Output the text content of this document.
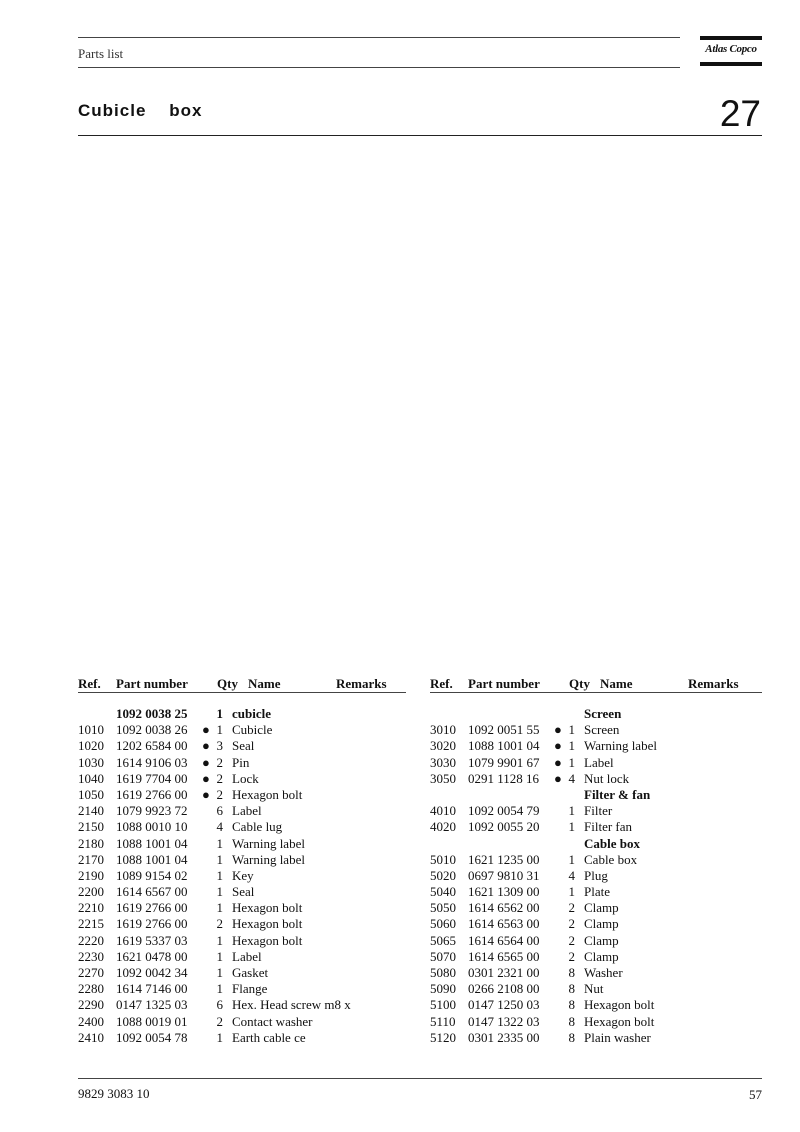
Parts list	Atlas Copco
Cubicle    box	27
Ref. Part number Qty Name	Remarks
1092 0038 25 1 cubicle
1010 1092 0038 26 ● 1 Cubicle
1020 1202 6584 00 ● 3 Seal
1030 1614 9106 03 ● 2 Pin
1040 1619 7704 00 ● 2 Lock
1050 1619 2766 00 ● 2 Hexagon bolt
2140 1079 9923 72 6 Label
2150 1088 0010 10 4 Cable lug
2180 1088 1001 04 1 Warning label
2170 1088 1001 04 1 Warning label
2190 1089 9154 02 1 Key
2200 1614 6567 00 1 Seal
2210 1619 2766 00 1 Hexagon bolt
2215 1619 2766 00 2 Hexagon bolt
2220 1619 5337 03 1 Hexagon bolt
2230 1621 0478 00 1 Label
2270 1092 0042 34 1 Gasket
2280 1614 7146 00 1 Flange
2290 0147 1325 03 6 Hex. Head screw m8 x
2400 1088 0019 01 2 Contact washer
2410 1092 0054 78 1 Earth cable ce
Ref. Part number Qty Name	Remarks
Screen
3010 1092 0051 55 ● 1 Screen
3020 1088 1001 04 ● 1 Warning label
3030 1079 9901 67 ● 1 Label
3050 0291 1128 16 ● 4 Nut lock
Filter & fan
4010 1092 0054 79 1 Filter
4020 1092 0055 20 1 Filter fan
Cable box
5010 1621 1235 00 1 Cable box
5020 0697 9810 31 4 Plug
5040 1621 1309 00 1 Plate
5050 1614 6562 00 2 Clamp
5060 1614 6563 00 2 Clamp
5065 1614 6564 00 2 Clamp
5070 1614 6565 00 2 Clamp
5080 0301 2321 00 8 Washer
5090 0266 2108 00 8 Nut
5100 0147 1250 03 8 Hexagon bolt
5110 0147 1322 03 8 Hexagon bolt
5120 0301 2335 00 8 Plain washer
9829 3083 10	57
